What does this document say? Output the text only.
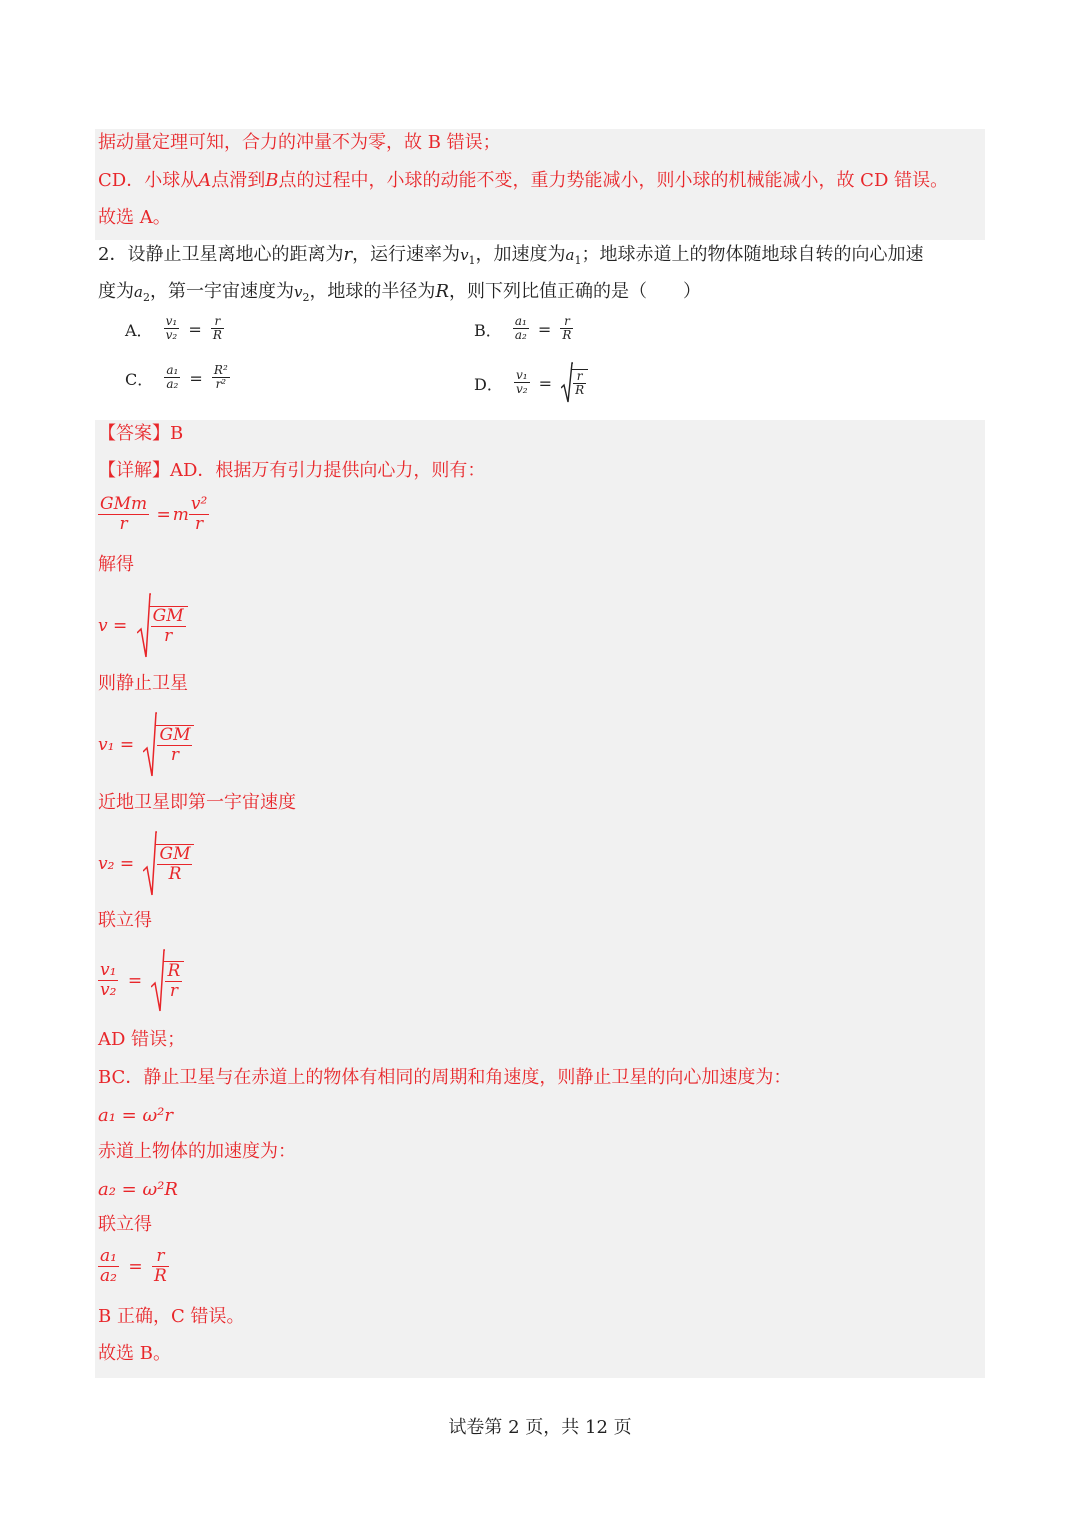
据动量定理可知，合力的冲量不为零，故 B 错误；
CD．小球从A点滑到B点的过程中，小球的动能不变，重力势能减小，则小球的机械能减小，故 CD 错误。
故选 A。
2．设静止卫星离地心的距离为r，运行速率为$v_1$，加速度为$a_1$；地球赤道上的物体随地球自转的向心加速
度为$a_2$，第一宇宙速度为$v_2$，地球的半径为R，则下列比值正确的是（　　）
A． $\frac{\text{v₁}}{\text{v₂}} = \frac{r}{R}$	B． $\frac{\text{a₁}}{\text{a₂}} = \frac{r}{R}$
C． $\frac{\text{a₁}}{\text{a₂}} = \frac{\text{R²}}{\text{r²}}$	D． $\frac{\text{v₁}}{\text{v₂}} = \frac{r}{R}$
【答案】B
【详解】AD．根据万有引力提供向心力，则有：
$\frac{\text{GMm}}{r} = m \frac{\text{v²}}{r}$
解得
$v = \frac{GM}{r}$
则静止卫星
$v_1 = \frac{GM}{r}$
近地卫星即第一宇宙速度
$v_2 = \frac{GM}{R}$
联立得
$\frac{\text{v₁}}{\text{v₂}} = \frac{R}{r}$
AD 错误；
BC．静止卫星与在赤道上的物体有相同的周期和角速度，则静止卫星的向心加速度为：
a₁ = ω²r
赤道上物体的加速度为：
a₂ = ω²R
联立得
$\frac{\text{a₁}}{\text{a₂}} = \frac{r}{R}$
B 正确，C 错误。
故选 B。
试卷第 2 页，共 12 页
